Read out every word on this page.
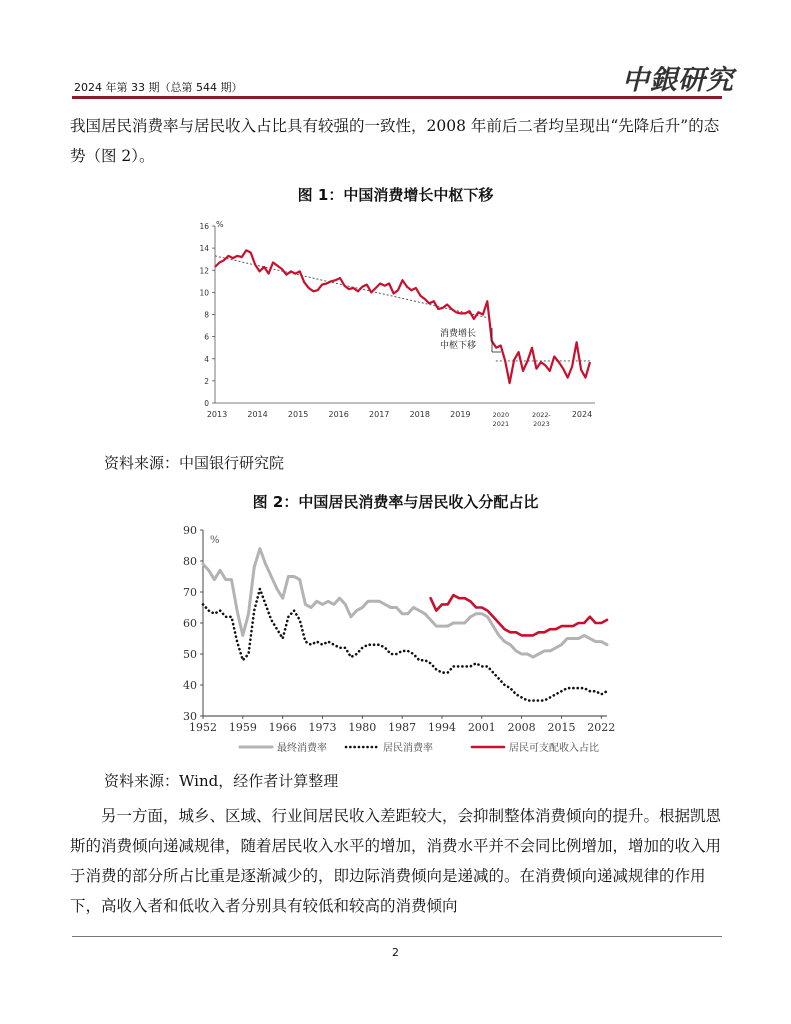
2024 年第 33 期（总第 544 期）	中銀研究

我国居民消费率与居民收入占比具有较强的一致性，2008 年前后二者均呈现出“先降后升”的态势（图 2）。

图 1：中国消费增长中枢下移
%
2013	2014	2015	2016	2017	2018	2019	2020
2021
2022-
2023
2024
0
2
4
6
8
10
12
14
16
消费增长中枢下移
资料来源：中国银行研究院
图 2：中国居民消费率与居民收入分配占比
%
30
40
50
60
70
80
90
1952 1959 1966 1973 1980 1987 1994 2001 2008 2015 2022
最终消费率	居民消费率	居民可支配收入占比
资料来源：Wind，经作者计算整理

另一方面，城乡、区域、行业间居民收入差距较大，会抑制整体消费倾向的提升。根据凯恩斯的消费倾向递减规律，随着居民收入水平的增加，消费水平并不会同比例增加，增加的收入用于消费的部分所占比重是逐渐减少的，即边际消费倾向是递减的。在消费倾向递减规律的作用下，高收入者和低收入者分别具有较低和较高的消费倾向

2
